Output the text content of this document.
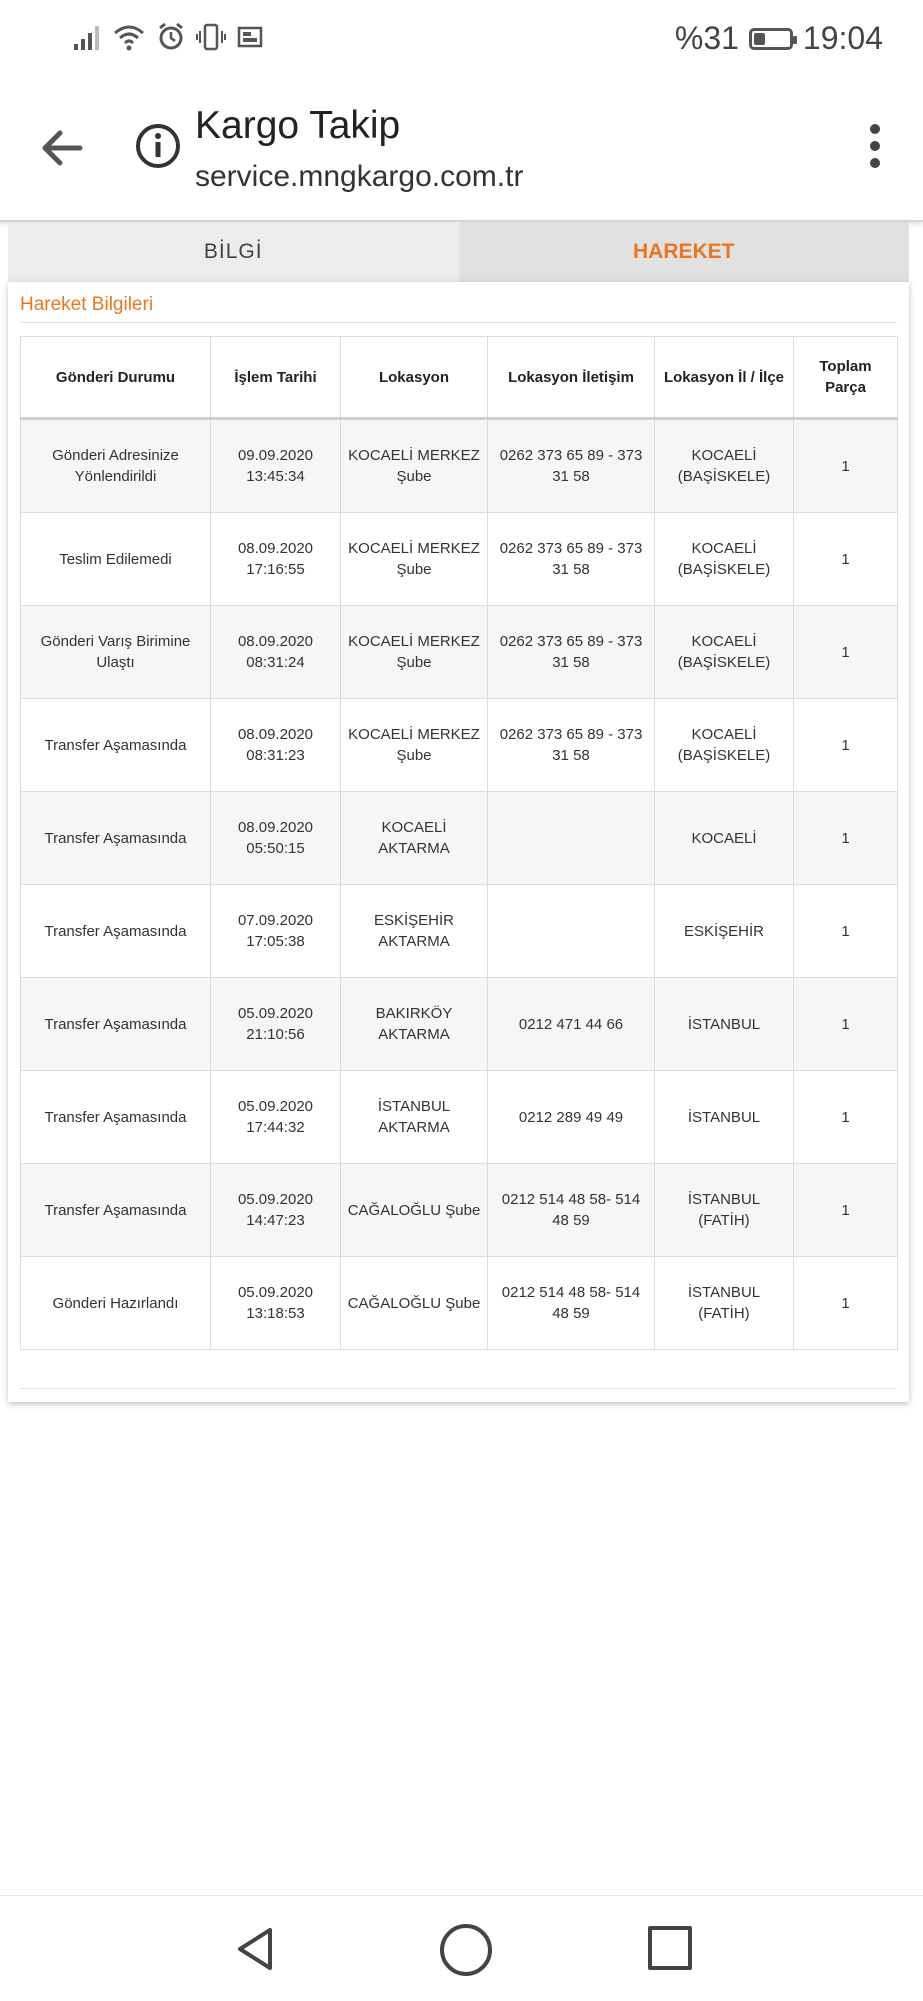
%31 19:04
Kargo Takip
service.mngkargo.com.tr
BİLGİ	HAREKET
Hareket Bilgileri
Gönderi Durumu	İşlem Tarihi	Lokasyon	Lokasyon İletişim	Lokasyon İl / İlçe	Toplam Parça
Gönderi Adresinize Yönlendirildi	09.09.2020 13:45:34	KOCAELİ MERKEZ Şube	0262 373 65 89 - 373 31 58	KOCAELİ (BAŞİSKELE)	1
Teslim Edilemedi	08.09.2020 17:16:55	KOCAELİ MERKEZ Şube	0262 373 65 89 - 373 31 58	KOCAELİ (BAŞİSKELE)	1
Gönderi Varış Birimine Ulaştı	08.09.2020 08:31:24	KOCAELİ MERKEZ Şube	0262 373 65 89 - 373 31 58	KOCAELİ (BAŞİSKELE)	1
Transfer Aşamasında	08.09.2020 08:31:23	KOCAELİ MERKEZ Şube	0262 373 65 89 - 373 31 58	KOCAELİ (BAŞİSKELE)	1
Transfer Aşamasında	08.09.2020 05:50:15	KOCAELİ AKTARMA		KOCAELİ	1
Transfer Aşamasında	07.09.2020 17:05:38	ESKİŞEHİR AKTARMA		ESKİŞEHİR	1
Transfer Aşamasında	05.09.2020 21:10:56	BAKIRKÖY AKTARMA	0212 471 44 66	İSTANBUL	1
Transfer Aşamasında	05.09.2020 17:44:32	İSTANBUL AKTARMA	0212 289 49 49	İSTANBUL	1
Transfer Aşamasında	05.09.2020 14:47:23	CAĞALOĞLU Şube	0212 514 48 58- 514 48 59	İSTANBUL (FATİH)	1
Gönderi Hazırlandı	05.09.2020 13:18:53	CAĞALOĞLU Şube	0212 514 48 58- 514 48 59	İSTANBUL (FATİH)	1
